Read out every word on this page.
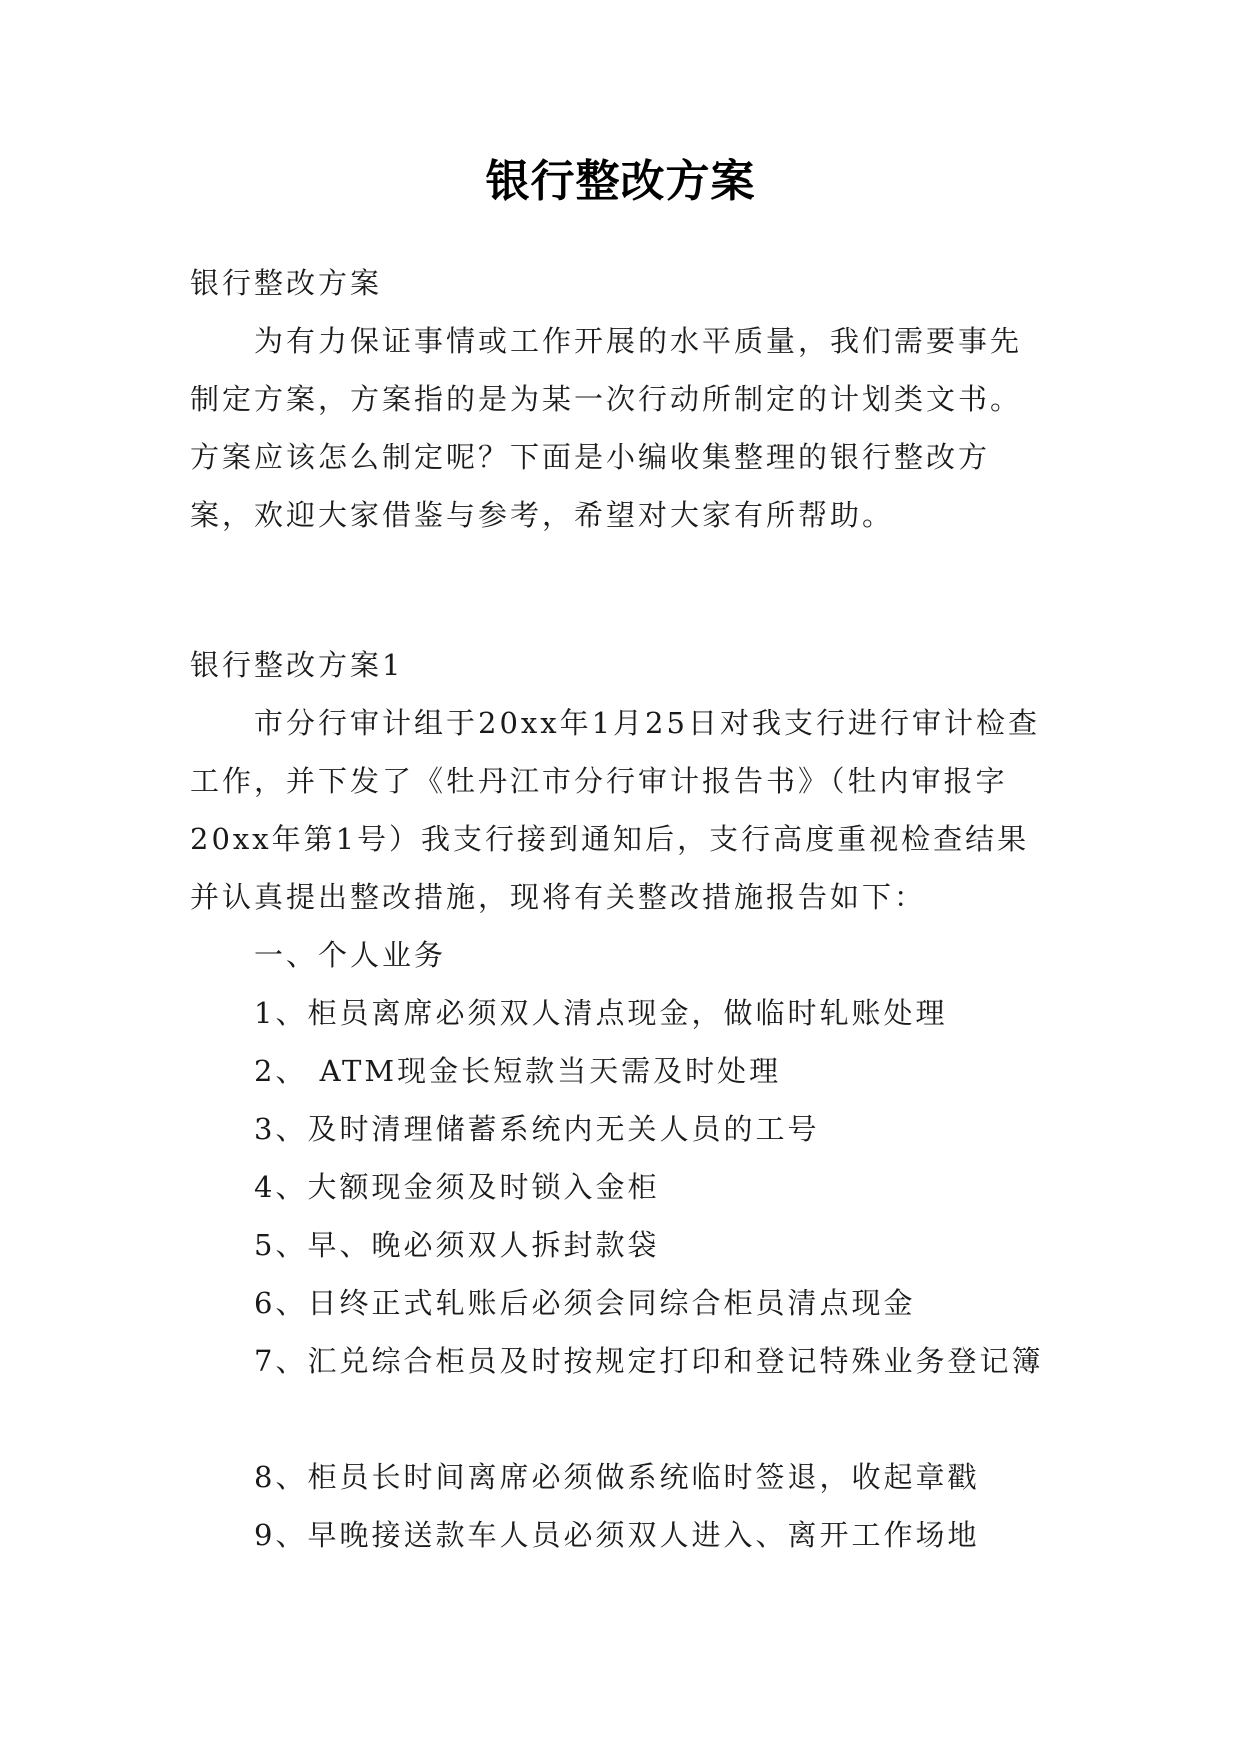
银行整改方案

银行整改方案

为有力保证事情或工作开展的水平质量，我们需要事先制定方案，方案指的是为某一次行动所制定的计划类文书。方案应该怎么制定呢？下面是小编收集整理的银行整改方案，欢迎大家借鉴与参考，希望对大家有所帮助。

银行整改方案1

市分行审计组于20xx年1月25日对我支行进行审计检查工作，并下发了《牡丹江市分行审计报告书》（牡内审报字20xx年第1号）我支行接到通知后，支行高度重视检查结果并认真提出整改措施，现将有关整改措施报告如下：

一、个人业务

1、柜员离席必须双人清点现金，做临时轧账处理

2、 ATM现金长短款当天需及时处理

3、及时清理储蓄系统内无关人员的工号

4、大额现金须及时锁入金柜

5、早、晚必须双人拆封款袋

6、日终正式轧账后必须会同综合柜员清点现金

7、汇兑综合柜员及时按规定打印和登记特殊业务登记簿

8、柜员长时间离席必须做系统临时签退，收起章戳

9、早晚接送款车人员必须双人进入、离开工作场地
